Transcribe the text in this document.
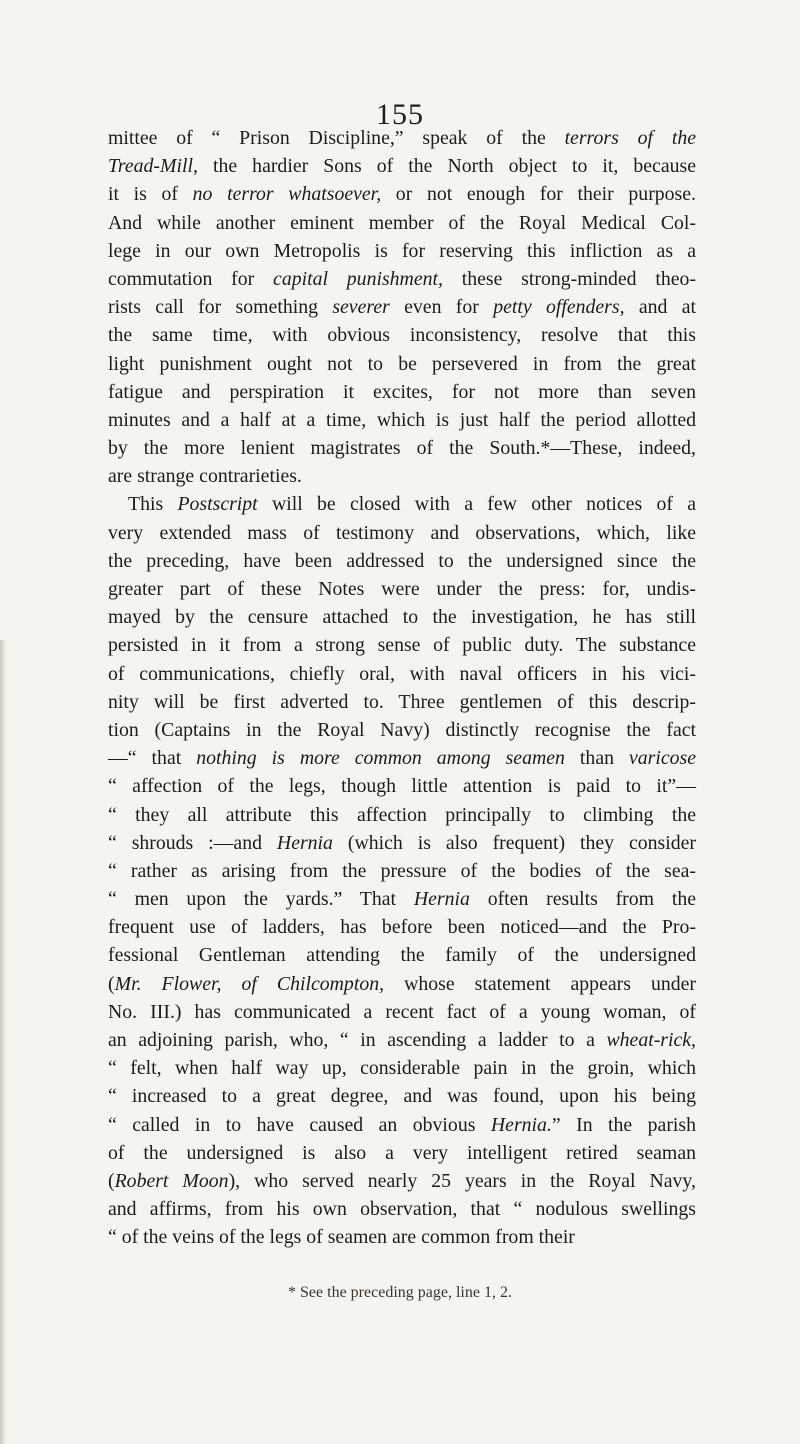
155
mittee of “ Prison Discipline,” speak of the terrors of the
Tread-Mill, the hardier Sons of the North object to it, because
it is of no terror whatsoever, or not enough for their purpose.
And while another eminent member of the Royal Medical Col-
lege in our own Metropolis is for reserving this infliction as a
commutation for capital punishment, these strong-minded theo-
rists call for something severer even for petty offenders, and at
the same time, with obvious inconsistency, resolve that this
light punishment ought not to be persevered in from the great
fatigue and perspiration it excites, for not more than seven
minutes and a half at a time, which is just half the period allotted
by the more lenient magistrates of the South.*—These, indeed,
are strange contrarieties.
This Postscript will be closed with a few other notices of a
very extended mass of testimony and observations, which, like
the preceding, have been addressed to the undersigned since the
greater part of these Notes were under the press: for, undis-
mayed by the censure attached to the investigation, he has still
persisted in it from a strong sense of public duty. The substance
of communications, chiefly oral, with naval officers in his vici-
nity will be first adverted to. Three gentlemen of this descrip-
tion (Captains in the Royal Navy) distinctly recognise the fact
—“ that nothing is more common among seamen than varicose
“ affection of the legs, though little attention is paid to it”—
“ they all attribute this affection principally to climbing the
“ shrouds :—and Hernia (which is also frequent) they consider
“ rather as arising from the pressure of the bodies of the sea-
“ men upon the yards.” That Hernia often results from the
frequent use of ladders, has before been noticed—and the Pro-
fessional Gentleman attending the family of the undersigned
(Mr. Flower, of Chilcompton, whose statement appears under
No. III.) has communicated a recent fact of a young woman, of
an adjoining parish, who, “ in ascending a ladder to a wheat-rick,
“ felt, when half way up, considerable pain in the groin, which
“ increased to a great degree, and was found, upon his being
“ called in to have caused an obvious Hernia.” In the parish
of the undersigned is also a very intelligent retired seaman
(Robert Moon), who served nearly 25 years in the Royal Navy,
and affirms, from his own observation, that “ nodulous swellings
“ of the veins of the legs of seamen are common from their
* See the preceding page, line 1, 2.
